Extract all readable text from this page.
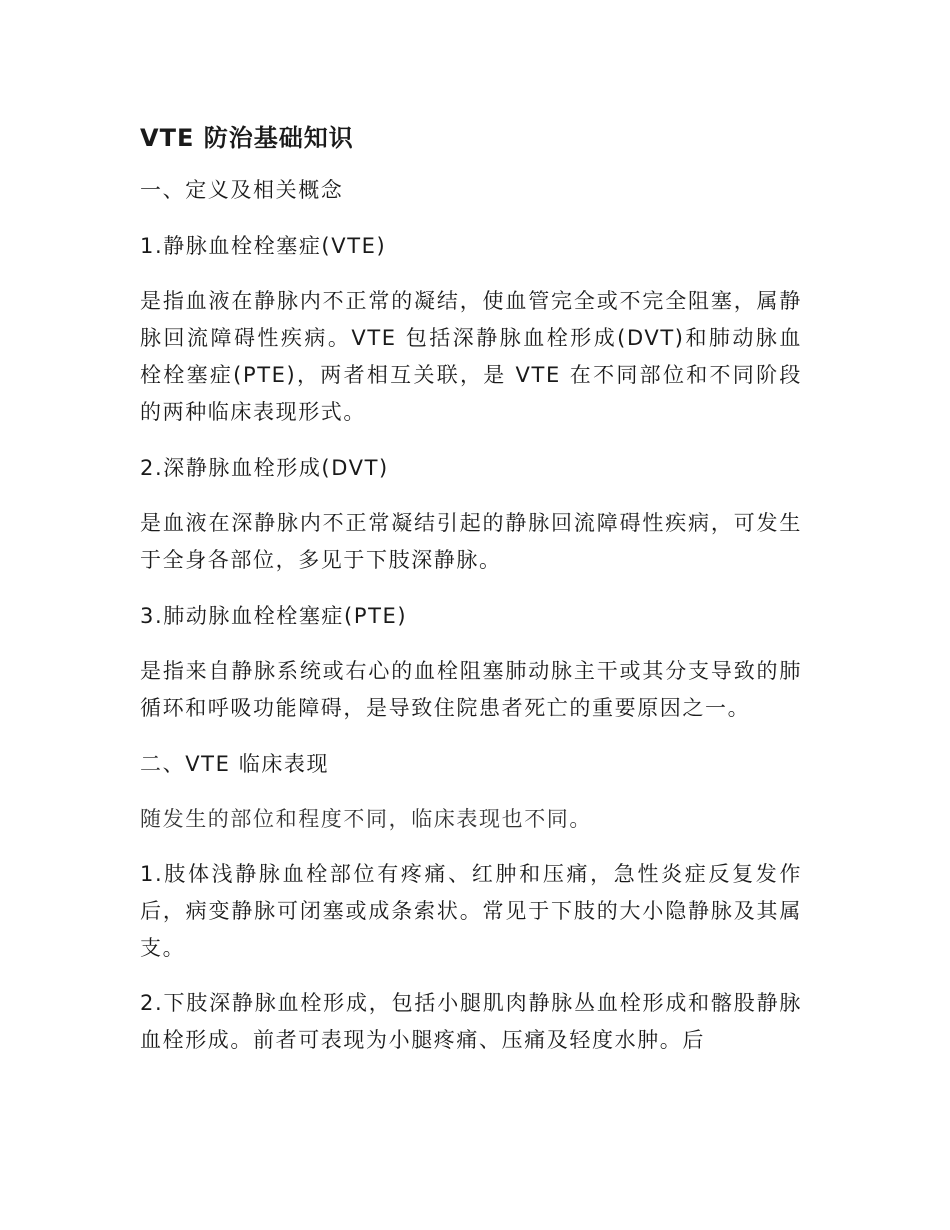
VTE 防治基础知识

一、定义及相关概念

1.静脉血栓栓塞症(VTE)

是指血液在静脉内不正常的凝结，使血管完全或不完全阻塞，属静脉回流障碍性疾病。VTE 包括深静脉血栓形成(DVT)和肺动脉血栓栓塞症(PTE)，两者相互关联，是 VTE 在不同部位和不同阶段的两种临床表现形式。

2.深静脉血栓形成(DVT)

是血液在深静脉内不正常凝结引起的静脉回流障碍性疾病，可发生于全身各部位，多见于下肢深静脉。

3.肺动脉血栓栓塞症(PTE)

是指来自静脉系统或右心的血栓阻塞肺动脉主干或其分支导致的肺循环和呼吸功能障碍，是导致住院患者死亡的重要原因之一。

二、VTE 临床表现

随发生的部位和程度不同，临床表现也不同。

1.肢体浅静脉血栓部位有疼痛、红肿和压痛，急性炎症反复发作后，病变静脉可闭塞或成条索状。常见于下肢的大小隐静脉及其属支。

2.下肢深静脉血栓形成，包括小腿肌肉静脉丛血栓形成和髂股静脉血栓形成。前者可表现为小腿疼痛、压痛及轻度水肿。后
